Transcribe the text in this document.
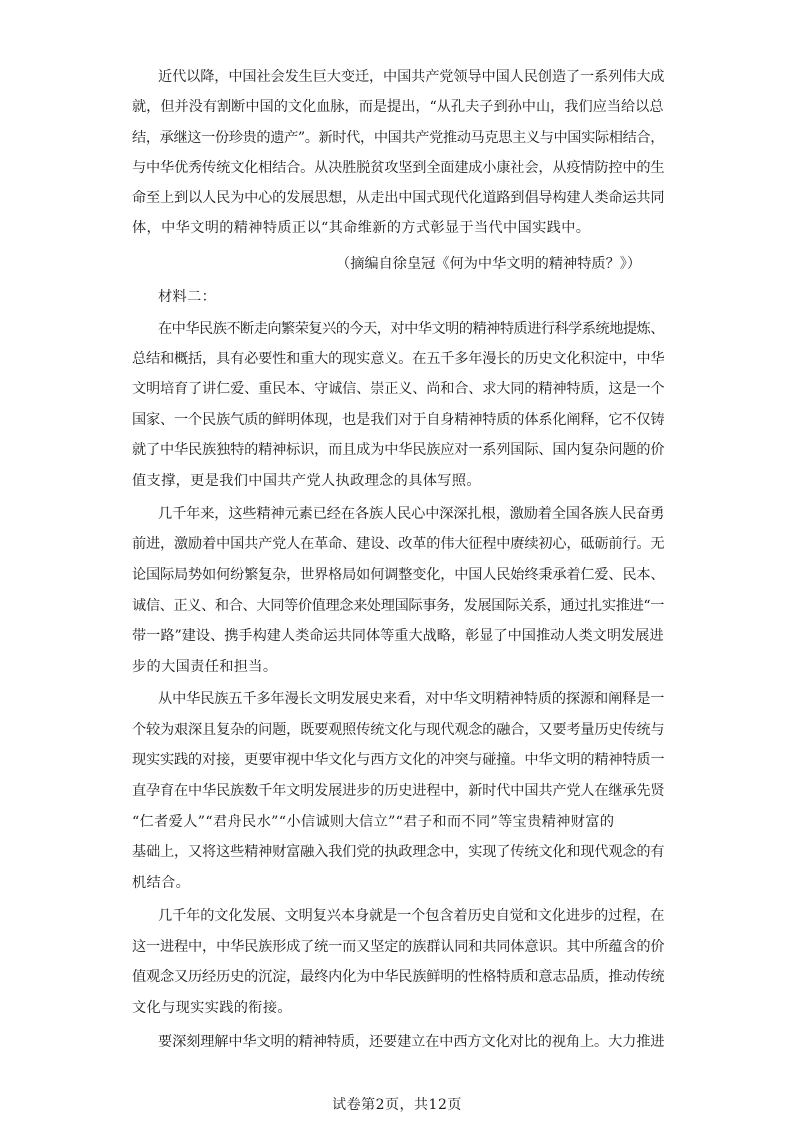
近代以降，中国社会发生巨大变迁，中国共产党领导中国人民创造了一系列伟大成
就，但并没有割断中国的文化血脉，而是提出，“从孔夫子到孙中山，我们应当给以总
结，承继这一份珍贵的遗产”。新时代，中国共产党推动马克思主义与中国实际相结合，
与中华优秀传统文化相结合。从决胜脱贫攻坚到全面建成小康社会，从疫情防控中的生
命至上到以人民为中心的发展思想，从走出中国式现代化道路到倡导构建人类命运共同
体，中华文明的精神特质正以“其命维新的方式彰显于当代中国实践中。
（摘编自徐皇冠《何为中华文明的精神特质？》）
材料二：
在中华民族不断走向繁荣复兴的今天，对中华文明的精神特质进行科学系统地提炼、
总结和概括，具有必要性和重大的现实意义。在五千多年漫长的历史文化积淀中，中华
文明培育了讲仁爱、重民本、守诚信、崇正义、尚和合、求大同的精神特质，这是一个
国家、一个民族气质的鲜明体现，也是我们对于自身精神特质的体系化阐释，它不仅铸
就了中华民族独特的精神标识，而且成为中华民族应对一系列国际、国内复杂问题的价
值支撑，更是我们中国共产党人执政理念的具体写照。
几千年来，这些精神元素已经在各族人民心中深深扎根，激励着全国各族人民奋勇
前进，激励着中国共产党人在革命、建设、改革的伟大征程中赓续初心，砥砺前行。无
论国际局势如何纷繁复杂，世界格局如何调整变化，中国人民始终秉承着仁爱、民本、
诚信、正义、和合、大同等价值理念来处理国际事务，发展国际关系，通过扎实推进“一
带一路”建设、携手构建人类命运共同体等重大战略，彰显了中国推动人类文明发展进
步的大国责任和担当。
从中华民族五千多年漫长文明发展史来看，对中华文明精神特质的探源和阐释是一
个较为艰深且复杂的问题，既要观照传统文化与现代观念的融合，又要考量历史传统与
现实实践的对接，更要审视中华文化与西方文化的冲突与碰撞。中华文明的精神特质一
直孕育在中华民族数千年文明发展进步的历史进程中，新时代中国共产党人在继承先贤
“仁者爱人”“君舟民水”“小信诚则大信立”“君子和而不同”等宝贵精神财富的
基础上，又将这些精神财富融入我们党的执政理念中，实现了传统文化和现代观念的有
机结合。
几千年的文化发展、文明复兴本身就是一个包含着历史自觉和文化进步的过程，在
这一进程中，中华民族形成了统一而又坚定的族群认同和共同体意识。其中所蕴含的价
值观念又历经历史的沉淀，最终内化为中华民族鲜明的性格特质和意志品质，推动传统
文化与现实实践的衔接。
要深刻理解中华文明的精神特质，还要建立在中西方文化对比的视角上。大力推进
试卷第2页，共12页
